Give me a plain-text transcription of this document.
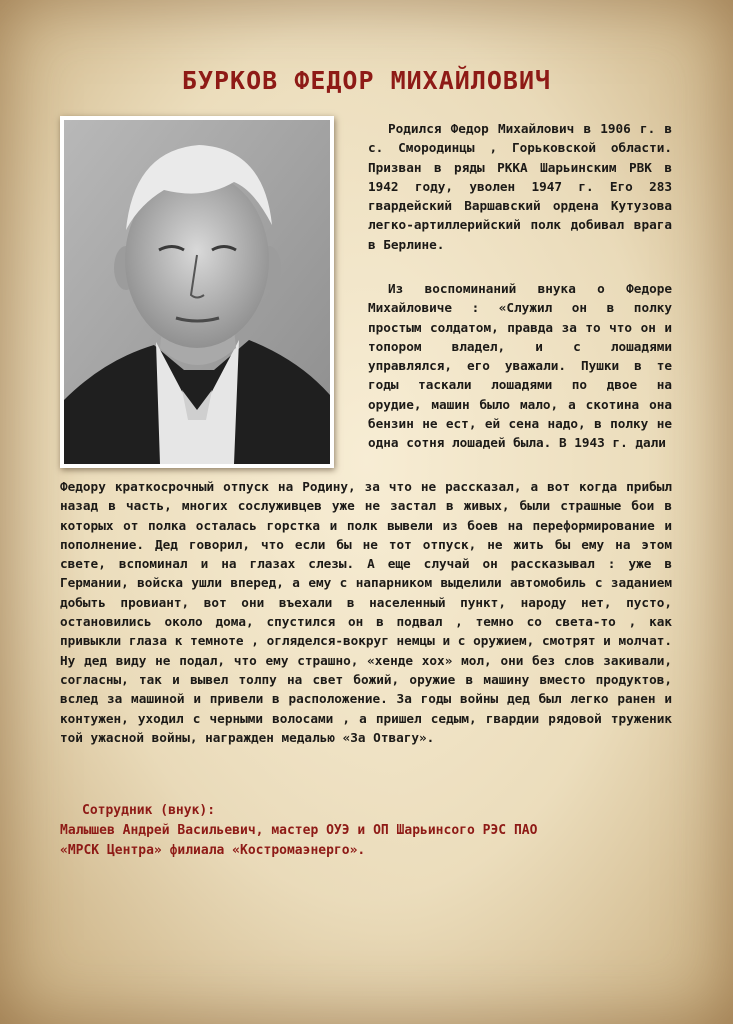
БУРКОВ ФЕДОР МИХАЙЛОВИЧ
Родился Федор Михайлович в 1906 г. в с. Смородинцы , Горьковской области. Призван в ряды РККА Шарьинским РВК в 1942 году, уволен 1947 г. Его 283 гвардейский Варшавский ордена Кутузова легко-артиллерийский полк добивал врага в Берлине.
Из воспоминаний внука о Федоре Михайловиче : «Служил он в полку простым солдатом, правда за то что он и топором владел, и с лошадями управлялся, его уважали. Пушки в те годы таскали лошадями по двое на орудие, машин было мало, а скотина она бензин не ест, ей сена надо, в полку не одна сотня лошадей была. В 1943 г. дали
Федору краткосрочный отпуск на Родину, за что не рассказал, а вот когда прибыл назад в часть, многих сослуживцев уже не застал в живых, были страшные бои в которых от полка осталась горстка и полк вывели из боев на переформирование и пополнение. Дед говорил, что если бы не тот отпуск, не жить бы ему на этом свете, вспоминал и на глазах слезы. А еще случай он рассказывал : уже в Германии, войска ушли вперед, а ему с напарником выделили автомобиль с заданием добыть провиант, вот они въехали в населенный пункт, народу нет, пусто, остановились около дома, спустился он в подвал , темно со света-то , как привыкли глаза к темноте , огляделся-вокруг немцы и с оружием, смотрят и молчат. Ну дед виду не подал, что ему страшно, «хенде хох» мол, они без слов закивали, согласны, так и вывел толпу на свет божий, оружие в машину вместо продуктов, вслед за машиной и привели в расположение. За годы войны дед был легко ранен и контужен, уходил с черными волосами , а пришел седым, гвардии рядовой труженик той ужасной войны, награжден медалью «За Отвагу».
Сотрудник (внук):
Малышев Андрей Васильевич, мастер ОУЭ и ОП Шарьинсого РЭС ПАО
«МРСК Центра» филиала «Костромаэнерго».
